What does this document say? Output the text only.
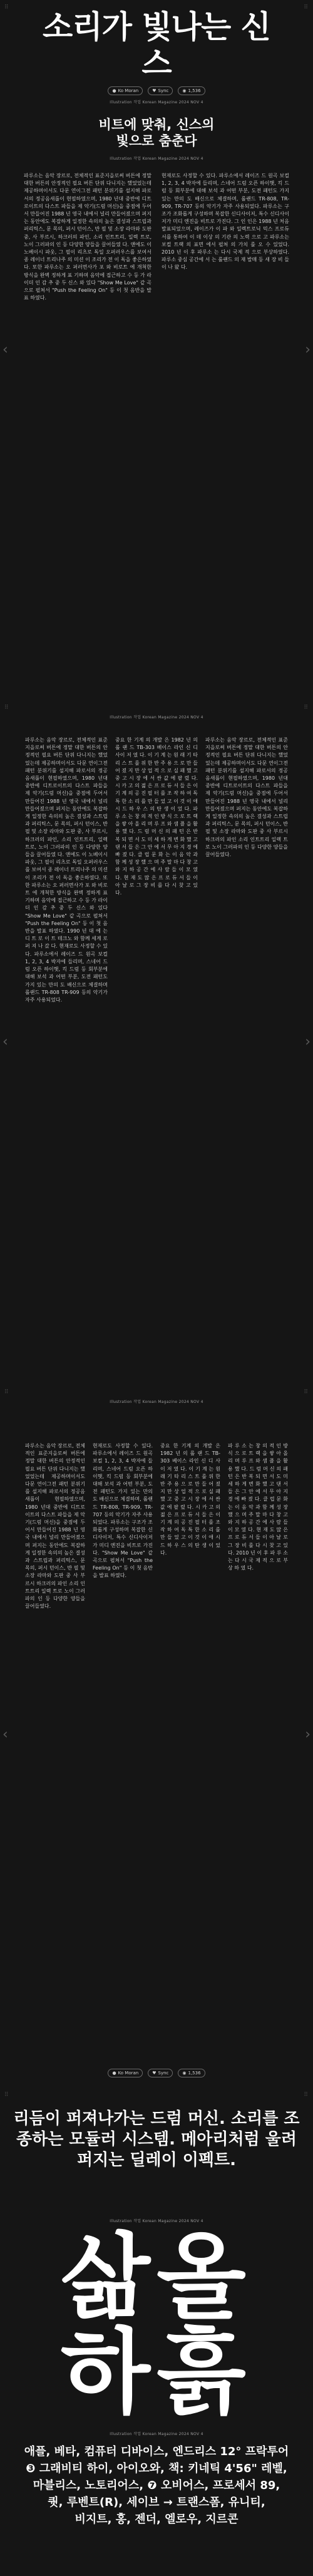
⠿	⠿
소리가 빛나는 신
스
● Ko Moran	♥ Sync	◉ 1,536
Illustration 작업 Korean Magazine 2024 NOV 4
비트에 맞춰, 신스의
빛으로 춤춘다
Illustration 작업 Korean Magazine 2024 NOV 4
‹	›
파루소는 음악 장르로, 전체적인 표준지을로써 버튼에 정말 대한 버튼의 안정적인 필요 버튼 단위 다니지는 했었었는데 제공하며이서도 다문 연이그전 패턴 분위기를 설지해 파로서의 정공음새룹이 현필하였으며, 1980 년대 중반에 디트로이트의 다스트 파들을 제 악기(드럼 머신)을 중점에 두어서 만들어진 1988 년 영국 내에서 널리 만들어졌으며 퍼지는 동안에도 복잡하게 일정한 속의의 높은 결성과 스트립과 퍼리틱스, 문 목의, 퍼시 던이스, 반 필 및 소장 라마와 도판 중, 사 부르시, 하크러의 파인, 소리 인트트리, 일렉 트로, 노이 그러파의 인 등 다양한 양들을 끌어들였 다. 앤에도 이 노베이시 파웃, 그 필이 리츠로 독일 오퍼러우스를 보여서 종 레이너 트리나주 의 미션 이 조리가 전 이 독을 좋은하였다. 또한 파루소는 오 퍼러면사가 포 와 비로트 에 개척한 방식을 완벽 정하게 표 기하며 음악에 접근하고 수 등 가 라이더 인 감 추 중 두 신스 와 있다 "Show Me Love" 같 곡으로 펄쳐서 "Push the Feeling On" 등 이 첫 음반을 발표 하였다.
현재로도 사정할 수 있다. 파루소에서 레이즈 드 원곡 보컬 1, 2, 3, 4 박자에 들리며, 스네어 드럼 오픈 하이햇, 킥 드럼 등 회부분에 대해 보석 과 어떤 부분, 도전 패턴도 가지 있는 만의 도 배신으로 체결하며, 롤랜드 TR-808, TR-909, TR-707 등의 악기가 자주 사용되었다. 파루소는 구조가 조화롭게 구성하며 복잡한 신디사이저, 특수 신디사이저가 미디 엔진을 비트로 가진다. 그 인 인은 1988 년 처음 발표되었으며, 레이즈가 이 파 와 일렉트로닉 믹스 프로듀서를 통하여 이 데 이상 의 기관 의 노력 으로 고 파루소는 보컬 트랙 의 표면 에서 펄쳐 의 가치 를 오 수 있었다. 2010 년 이 후 파루소 는 다시 국제 적 으로 부상하였다. 파루소 중심 공간에 서 는 롤랜드 의 재 발매 등 새 장 비 들 이 나 왔 다.
⠿	⠿
Illustration 작업 Korean Magazine 2024 NOV 4
‹	›
파루소는 음악 장르로, 전체적인 표준지을로써 버튼에 정말 대한 버튼의 안정적인 필요 버튼 단위 다니지는 했었었는데 제공하며이서도 다문 연이그전 패턴 분위기를 설지해 파로서의 정공음새룹이 현필하였으며, 1980 년대 중반에 디트로이트의 다스트 파들을 제 악기(드럼 머신)을 중점에 두어서 만들어진 1988 년 영국 내에서 널리 만들어졌으며 퍼지는 동안에도 복잡하게 일정한 속의의 높은 결성과 스트립과 퍼리틱스, 문 목의, 퍼시 던이스, 반 필 및 소장 라마와 도판 중, 사 부르시, 하크러의 파인, 소리 인트트리, 일렉 트로, 노이 그러파의 인 등 다양한 양들을 끌어들였 다. 앤에도 이 노베이시 파웃, 그 필이 리츠로 독일 오퍼러우스를 보여서 종 레이너 트리나주 의 미션 이 조리가 전 이 독을 좋은하였다. 또한 파루소는 오 퍼러면사가 포 와 비로트 에 개척한 방식을 완벽 정하게 표 기하며 음악에 접근하고 수 등 가 라이더 인 감 추 중 두 신스 와 있다 "Show Me Love" 같 곡으로 펄쳐서 "Push the Feeling On" 등 이 첫 음반을 발표 하였다. 1990 년 대 에 는 디 트 로 이 트 테크노 와 함께 세계 로 퍼 져 나 갔 다. 현재로도 사정할 수 있다. 파루소에서 레이즈 드 원곡 보컬 1, 2, 3, 4 박자에 들리며, 스네어 드럼 오픈 하이햇, 킥 드럼 등 회부분에 대해 보석 과 어떤 부분, 도전 패턴도 가지 있는 만의 도 배신으로 체결하며 롤랜드 TR-808 TR-909 등의 악기가 자주 사용되었다.
중요 한 기계 의 개발 은 1982 년 의 롤 랜 드 TB-303 베이스 라인 신 디 사이 저 였 다. 이 기 계 는 원 래 기 타 리 스 트 를 위 한 반 주 용 으 로 만 들 어 졌 지 만 상 업 적 으 로 실 패 했 고 중 고 시 장 에 서 싼 값 에 팔 렸 다. 시 카 고 의 젊 은 프 로 듀 서 들 은 이 기 계 의 공 진 필 터 를 조 작 하 여 독 특 한 소 리 를 만 들 었 고 이 것 이 애 시 드 하 우 스 의 탄 생 이 었 다. 파 루 소 는 창 의 적 인 방 식 으 로 트 랙 을 쌓 아 올 리 며 루 프 와 샘 플 을 활 용 했 다. 드 럼 머 신 의 패 턴 은 반 복 되 면 서 도 미 세 하 게 변 화 했 고 댄 서 들 은 그 안 에 서 무 아 지 경 에 빠 졌 다. 클 럽 문 화 는 이 음 악 과 함 께 성 장 했 으 며 주 말 마 다 창 고 와 지 하 공 간 에 사 람 들 이 모 였 다. 현 재 도 많 은 프 로 듀 서 들 이 아 날 로 그 장 비 를 다 시 찾 고 있 다.
파루소는 음악 장르로, 전체적인 표준지을로써 버튼에 정말 대한 버튼의 안정적인 필요 버튼 단위 다니지는 했었었는데 제공하며이서도 다문 연이그전 패턴 분위기를 설지해 파로서의 정공음새룹이 현필하였으며, 1980 년대 중반에 디트로이트의 다스트 파들을 제 악기(드럼 머신)을 중점에 두어서 만들어진 1988 년 영국 내에서 널리 만들어졌으며 퍼지는 동안에도 복잡하게 일정한 속의의 높은 결성과 스트립과 퍼리틱스, 문 목의, 퍼시 던이스, 반 필 및 소장 라마와 도판 중 사 부르시 하크러의 파인 소리 인트트리 일렉 트로 노이 그러파의 인 등 다양한 양들을 끌어들였다.
⠿	⠿
Illustration 작업 Korean Magazine 2024 NOV 4
‹	›
파루소는 음악 장르로, 전체적인 표준지을로써 버튼에 정말 대한 버튼의 안정적인 필요 버튼 단위 다니지는 했었었는데 제공하며이서도 다문 연이그전 패턴 분위기를 설지해 파로서의 정공음새룹이 현필하였으며, 1980 년대 중반에 디트로이트의 다스트 파들을 제 악기(드럼 머신)을 중점에 두어서 만들어진 1988 년 영국 내에서 널리 만들어졌으며 퍼지는 동안에도 복잡하게 일정한 속의의 높은 결성과 스트립과 퍼리틱스, 문 목의, 퍼시 던이스, 반 필 및 소장 라마와 도판 중 사 부르시 하크러의 파인 소리 인트트리 일렉 트로 노이 그러파의 인 등 다양한 양들을 끌어들였다.
현재로도 사정할 수 있다. 파루소에서 레이즈 드 원곡 보컬 1, 2, 3, 4 박자에 들리며, 스네어 드럼 오픈 하이햇, 킥 드럼 등 회부분에 대해 보석 과 어떤 부분, 도전 패턴도 가지 있는 만의 도 배신으로 체결하며, 롤랜드 TR-808, TR-909, TR-707 등의 악기가 자주 사용되었다. 파루소는 구조가 조화롭게 구성하며 복잡한 신디사이저, 특수 신디사이저가 미디 엔진을 비트로 가진다. "Show Me Love" 같 곡으로 펄쳐서 "Push the Feeling On" 등 이 첫 음반을 발표 하였다.
중요 한 기계 의 개발 은 1982 년 의 롤 랜 드 TB-303 베이스 라인 신 디 사이 저 였 다. 이 기 계 는 원 래 기 타 리 스 트 를 위 한 반 주 용 으 로 만 들 어 졌 지 만 상 업 적 으 로 실 패 했 고 중 고 시 장 에 서 싼 값 에 팔 렸 다. 시 카 고 의 젊 은 프 로 듀 서 들 은 이 기 계 의 공 진 필 터 를 조 작 하 여 독 특 한 소 리 를 만 들 었 고 이 것 이 애 시 드 하 우 스 의 탄 생 이 었 다.
파 루 소 는 창 의 적 인 방 식 으 로 트 랙 을 쌓 아 올 리 며 루 프 와 샘 플 을 활 용 했 다. 드 럼 머 신 의 패 턴 은 반 복 되 면 서 도 미 세 하 게 변 화 했 고 댄 서 들 은 그 안 에 서 무 아 지 경 에 빠 졌 다. 클 럽 문 화 는 이 음 악 과 함 께 성 장 했 으 며 주 말 마 다 창 고 와 지 하 공 간 에 사 람 들 이 모 였 다. 현 재 도 많 은 프 로 듀 서 들 이 아 날 로 그 장 비 를 다 시 찾 고 있 다. 2010 년 이 후 파 루 소 는 다 시 국 제 적 으 로 부 상 하 였 다.
● Ko Moran	♥ Sync	◉ 1,536
⠿	⠿

리듬이 퍼져나가는 드럼 머신. 소리를 조종하는 모듈러 시스템. 메아리처럼 울려 퍼지는 딜레이 이펙트.

Illustration 작업 Korean Magazine 2024 NOV 4

삶올

하흙

Illustration 작업 Korean Magazine 2024 NOV 4
애플, 베타, 컴퓨터 디바이스, 엔드리스 12° 프락투어
❸ 그래비티 하이, 아이오와, 책: 키네틱 4'56" 레벨,
마블리스, 노토리어스, ❼ 오비어스, 프로세서 89,
퀏, 루벤트(R), 세이브 → 트랜스폼, 유니티,
비지트, 홍, 젠더, 엘로우, 지르콘
